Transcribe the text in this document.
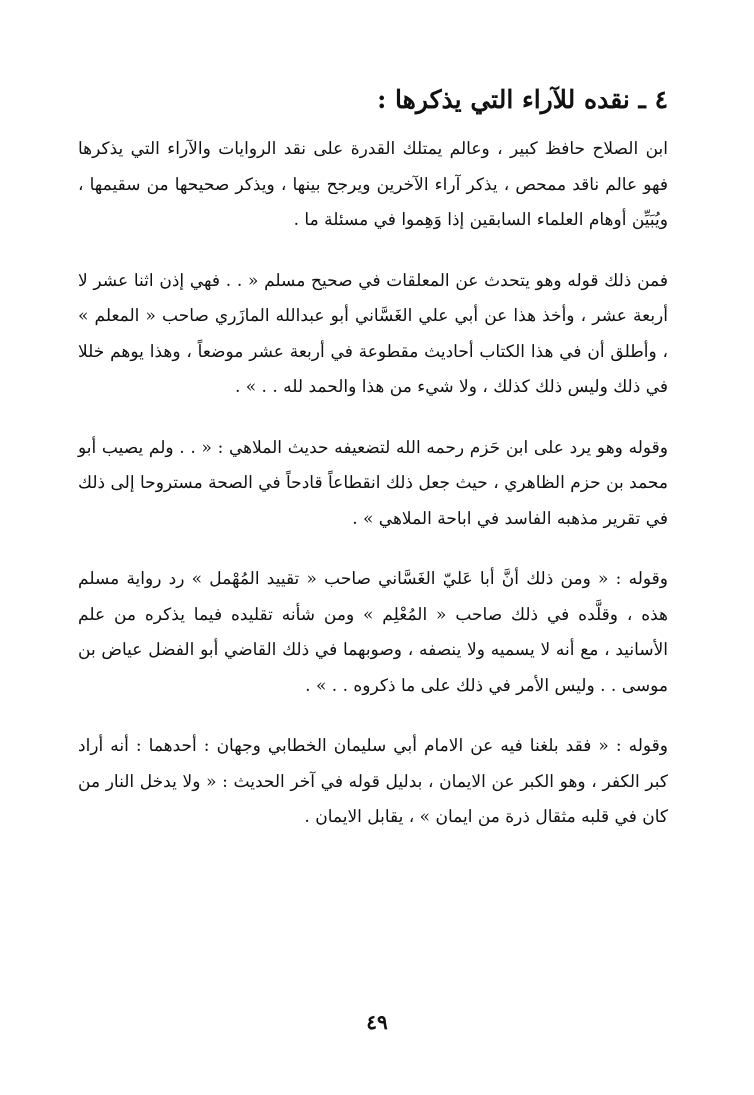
٤ ـ نقده للآراء التي يذكرها :

ابن الصلاح حافظ كبير ، وعالم يمتلك القدرة على نقد الروايات والآراء التي يذكرها فهو عالم ناقد ممحص ، يذكر آراء الآخرين ويرجح بينها ، ويذكر صحيحها من سقيمها ، ويُبَيِّن أوهام العلماء السابقين إذا وَهِموا في مسئلة ما .

فمن ذلك قوله وهو يتحدث عن المعلقات في صحيح مسلم « . . فهي إذن اثنا عشر لا أربعة عشر ، وأخذ هذا عن أبي علي الغَسَّاني أبو عبدالله المازَري صاحب « المعلم » ، وأطلق أن في هذا الكتاب أحاديث مقطوعة في أربعة عشر موضعاً ، وهذا يوهم خللا في ذلك وليس ذلك كذلك ، ولا شيء من هذا والحمد لله . . » .

وقوله وهو يرد على ابن حَزم رحمه الله لتضعيفه حديث الملاهي : « . . ولم يصيب أبو محمد بن حزم الظاهري ، حيث جعل ذلك انقطاعاً قادحاً في الصحة مستروحا إلى ذلك في تقرير مذهبه الفاسد في اباحة الملاهي » .

وقوله : « ومن ذلك أنَّ أبا عَليّ الغَسَّاني صاحب « تقييد المُهْمل » رد رواية مسلم هذه ، وقلَّده في ذلك صاحب « المُعْلِم » ومن شأنه تقليده فيما يذكره من علم الأسانيد ، مع أنه لا يسميه ولا ينصفه ، وصوبهما في ذلك القاضي أبو الفضل عياض بن موسى . . وليس الأمر في ذلك على ما ذكروه . . » .

وقوله : « فقد بلغنا فيه عن الامام أبي سليمان الخطابي وجهان : أحدهما : أنه أراد كبر الكفر ، وهو الكبر عن الايمان ، بدليل قوله في آخر الحديث : « ولا يدخل النار من كان في قلبه مثقال ذرة من ايمان » ، يقابل الايمان .

٤٩
